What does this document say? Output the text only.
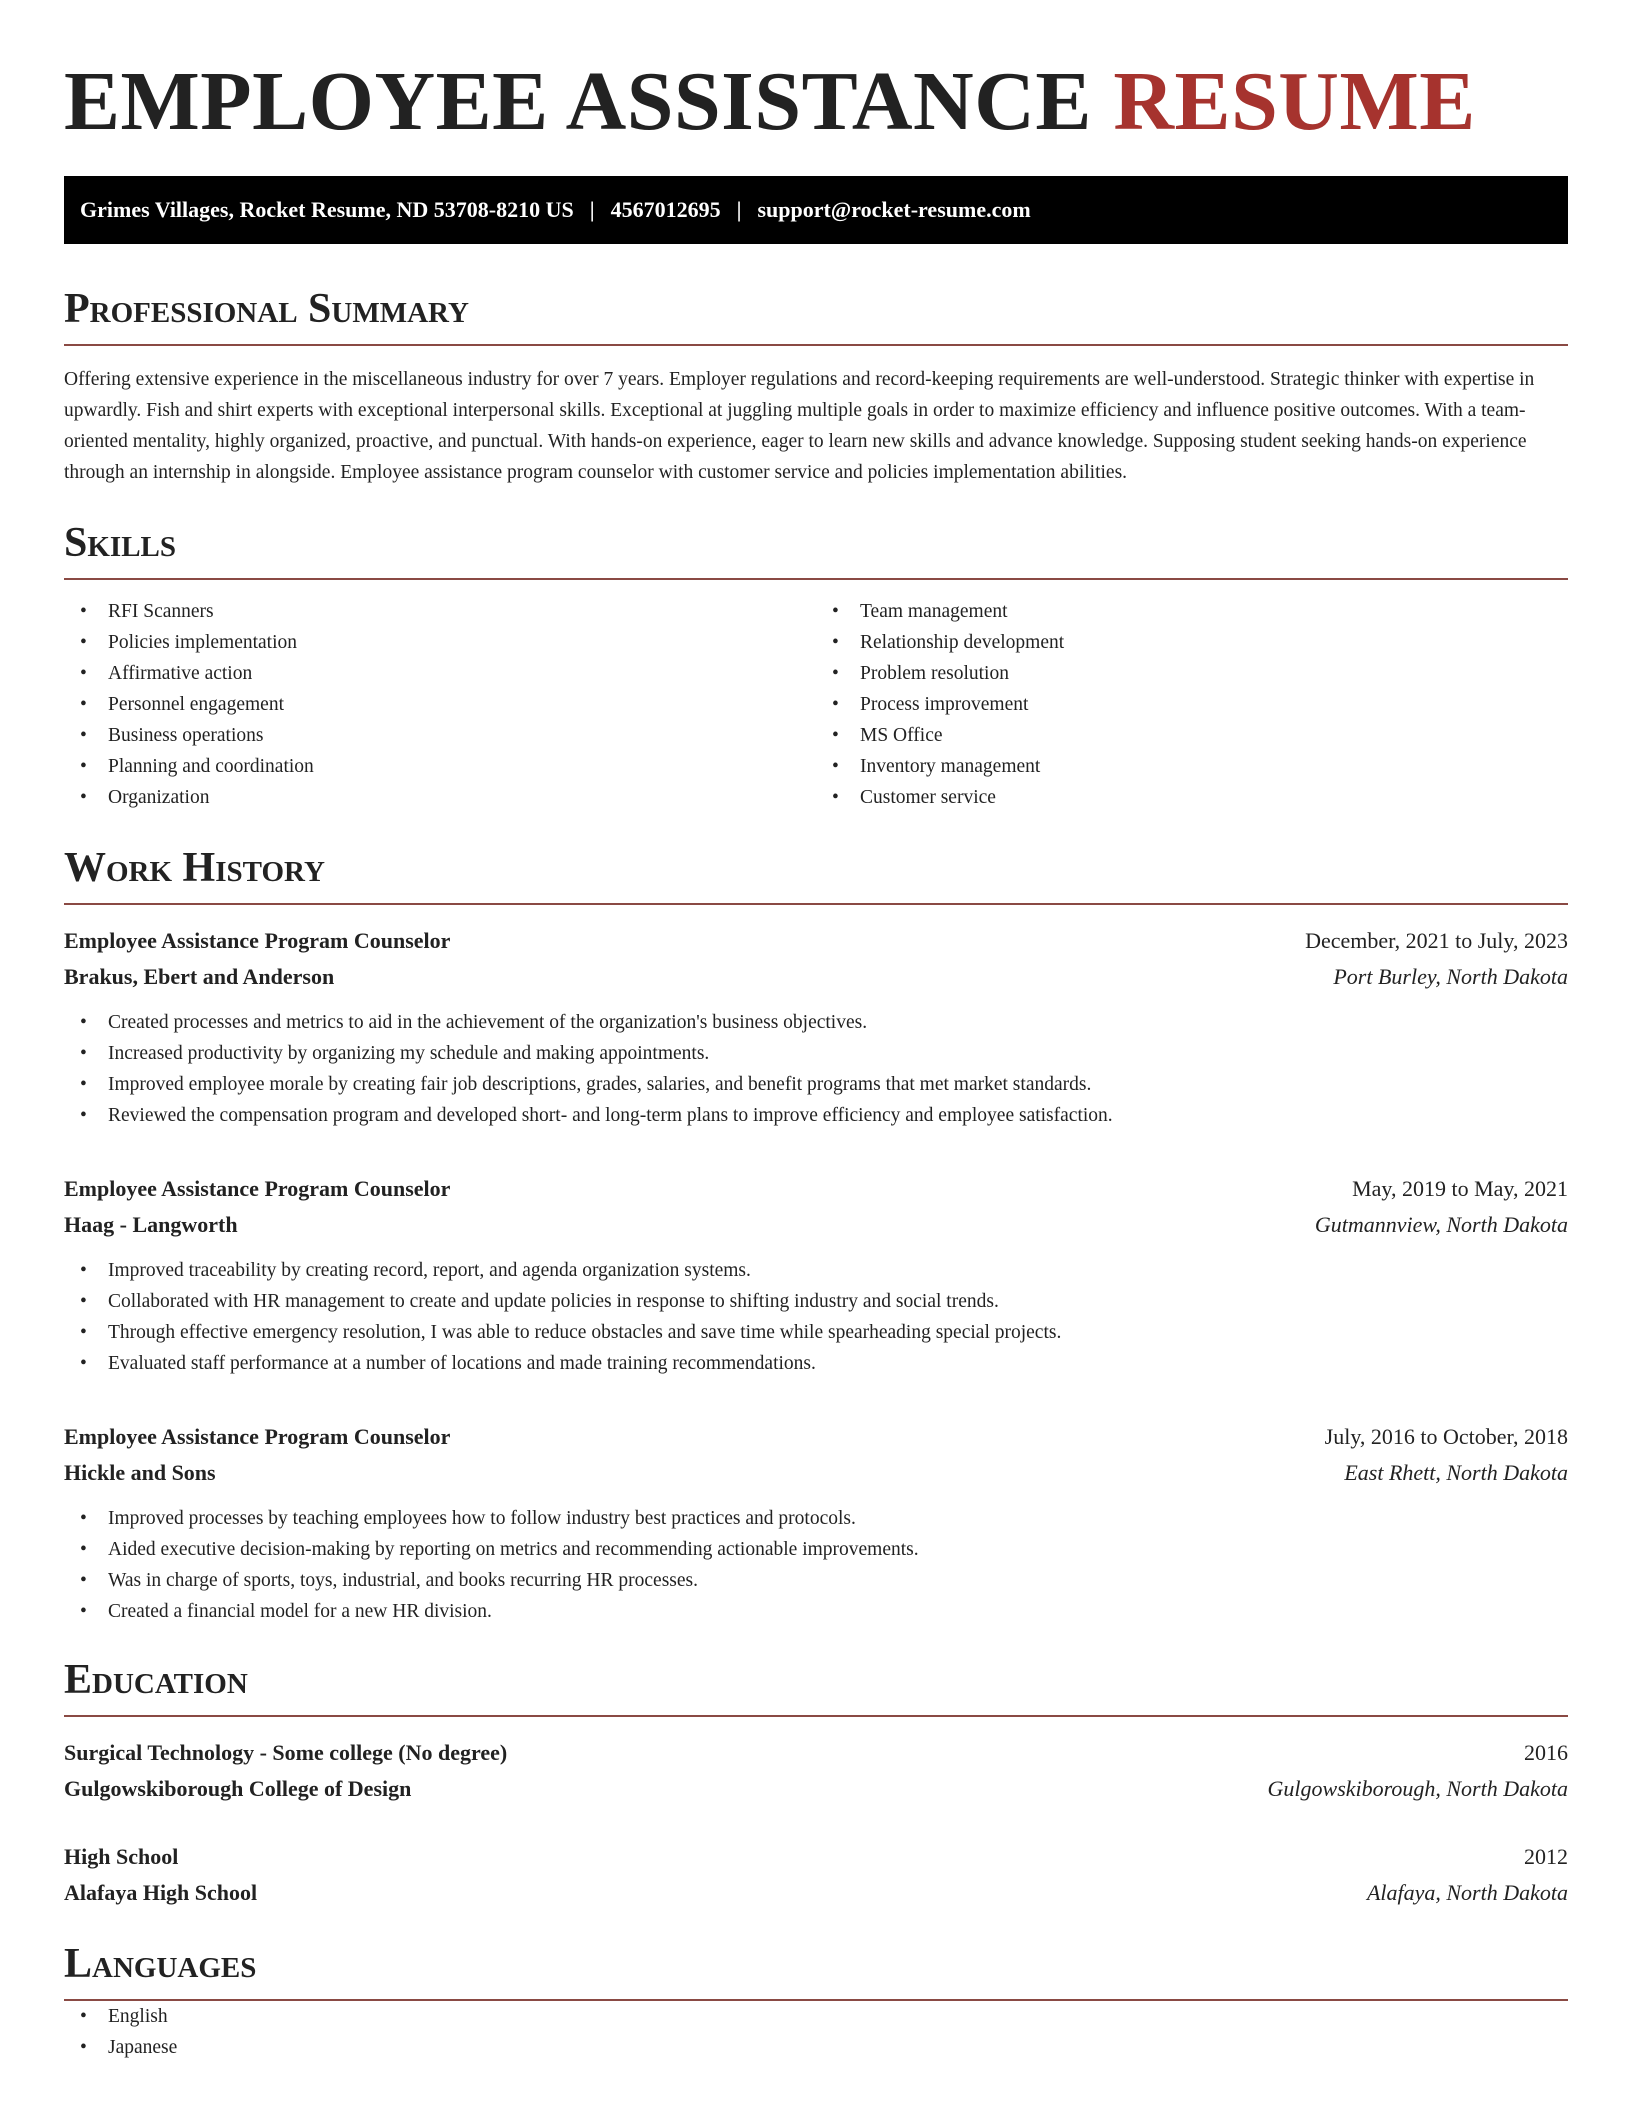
EMPLOYEE ASSISTANCE RESUME
Grimes Villages, Rocket Resume, ND 53708-8210 US | 4567012695 | support@rocket-resume.com
Professional Summary

Offering extensive experience in the miscellaneous industry for over 7 years. Employer regulations and record-keeping requirements are well-understood. Strategic thinker with expertise in upwardly. Fish and shirt experts with exceptional interpersonal skills. Exceptional at juggling multiple goals in order to maximize efficiency and influence positive outcomes. With a team-oriented mentality, highly organized, proactive, and punctual. With hands-on experience, eager to learn new skills and advance knowledge. Supposing student seeking hands-on experience through an internship in alongside. Employee assistance program counselor with customer service and policies implementation abilities.

Skills
• RFI Scanners
• Policies implementation
• Affirmative action
• Personnel engagement
• Business operations
• Planning and coordination
• Organization
• Team management
• Relationship development
• Problem resolution
• Process improvement
• MS Office
• Inventory management
• Customer service
Work History
Employee Assistance Program Counselor	December, 2021 to July, 2023
Brakus, Ebert and Anderson	Port Burley, North Dakota
• Created processes and metrics to aid in the achievement of the organization's business objectives.
• Increased productivity by organizing my schedule and making appointments.
• Improved employee morale by creating fair job descriptions, grades, salaries, and benefit programs that met market standards.
• Reviewed the compensation program and developed short- and long-term plans to improve efficiency and employee satisfaction.
Employee Assistance Program Counselor	May, 2019 to May, 2021
Haag - Langworth	Gutmannview, North Dakota
• Improved traceability by creating record, report, and agenda organization systems.
• Collaborated with HR management to create and update policies in response to shifting industry and social trends.
• Through effective emergency resolution, I was able to reduce obstacles and save time while spearheading special projects.
• Evaluated staff performance at a number of locations and made training recommendations.
Employee Assistance Program Counselor	July, 2016 to October, 2018
Hickle and Sons	East Rhett, North Dakota
• Improved processes by teaching employees how to follow industry best practices and protocols.
• Aided executive decision-making by reporting on metrics and recommending actionable improvements.
• Was in charge of sports, toys, industrial, and books recurring HR processes.
• Created a financial model for a new HR division.
Education
Surgical Technology - Some college (No degree)	2016
Gulgowskiborough College of Design	Gulgowskiborough, North Dakota
High School	2012
Alafaya High School	Alafaya, North Dakota
Languages
• English
• Japanese
